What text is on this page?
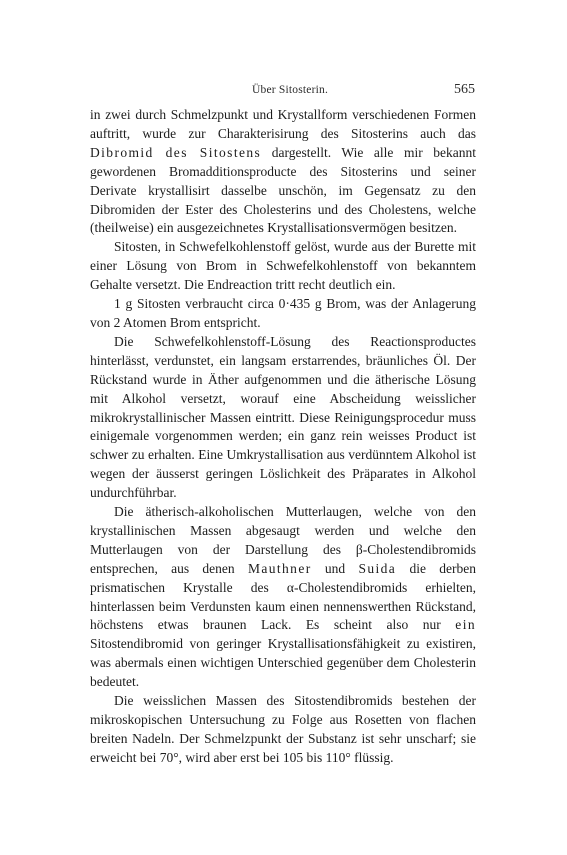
Über Sitosterin.	565

in zwei durch Schmelzpunkt und Krystallform verschiedenen Formen auftritt, wurde zur Charakterisirung des Sitosterins auch das Dibromid des Sitostens dargestellt. Wie alle mir bekannt gewordenen Bromadditionsproducte des Sitosterins und seiner Derivate krystallisirt dasselbe unschön, im Gegensatz zu den Dibromiden der Ester des Cholesterins und des Cholestens, welche (theilweise) ein ausgezeichnetes Krystallisationsvermögen besitzen.

Sitosten, in Schwefelkohlenstoff gelöst, wurde aus der Burette mit einer Lösung von Brom in Schwefelkohlenstoff von bekanntem Gehalte versetzt. Die Endreaction tritt recht deutlich ein.

1 g Sitosten verbraucht circa 0·435 g Brom, was der Anlagerung von 2 Atomen Brom entspricht.

Die Schwefelkohlenstoff-Lösung des Reactionsproductes hinterlässt, verdunstet, ein langsam erstarrendes, bräunliches Öl. Der Rückstand wurde in Äther aufgenommen und die ätherische Lösung mit Alkohol versetzt, worauf eine Abscheidung weisslicher mikrokrystallinischer Massen eintritt. Diese Reinigungsprocedur muss einigemale vorgenommen werden; ein ganz rein weisses Product ist schwer zu erhalten. Eine Umkrystallisation aus verdünntem Alkohol ist wegen der äusserst geringen Löslichkeit des Präparates in Alkohol undurchführbar.

Die ätherisch-alkoholischen Mutterlaugen, welche von den krystallinischen Massen abgesaugt werden und welche den Mutterlaugen von der Darstellung des β-Cholestendibromids entsprechen, aus denen Mauthner und Suida die derben prismatischen Krystalle des α-Cholestendibromids erhielten, hinterlassen beim Verdunsten kaum einen nennenswerthen Rückstand, höchstens etwas braunen Lack. Es scheint also nur ein Sitostendibromid von geringer Krystallisationsfähigkeit zu existiren, was abermals einen wichtigen Unterschied gegenüber dem Cholesterin bedeutet.

Die weisslichen Massen des Sitostendibromids bestehen der mikroskopischen Untersuchung zu Folge aus Rosetten von flachen breiten Nadeln. Der Schmelzpunkt der Substanz ist sehr unscharf; sie erweicht bei 70°, wird aber erst bei 105 bis 110° flüssig.
